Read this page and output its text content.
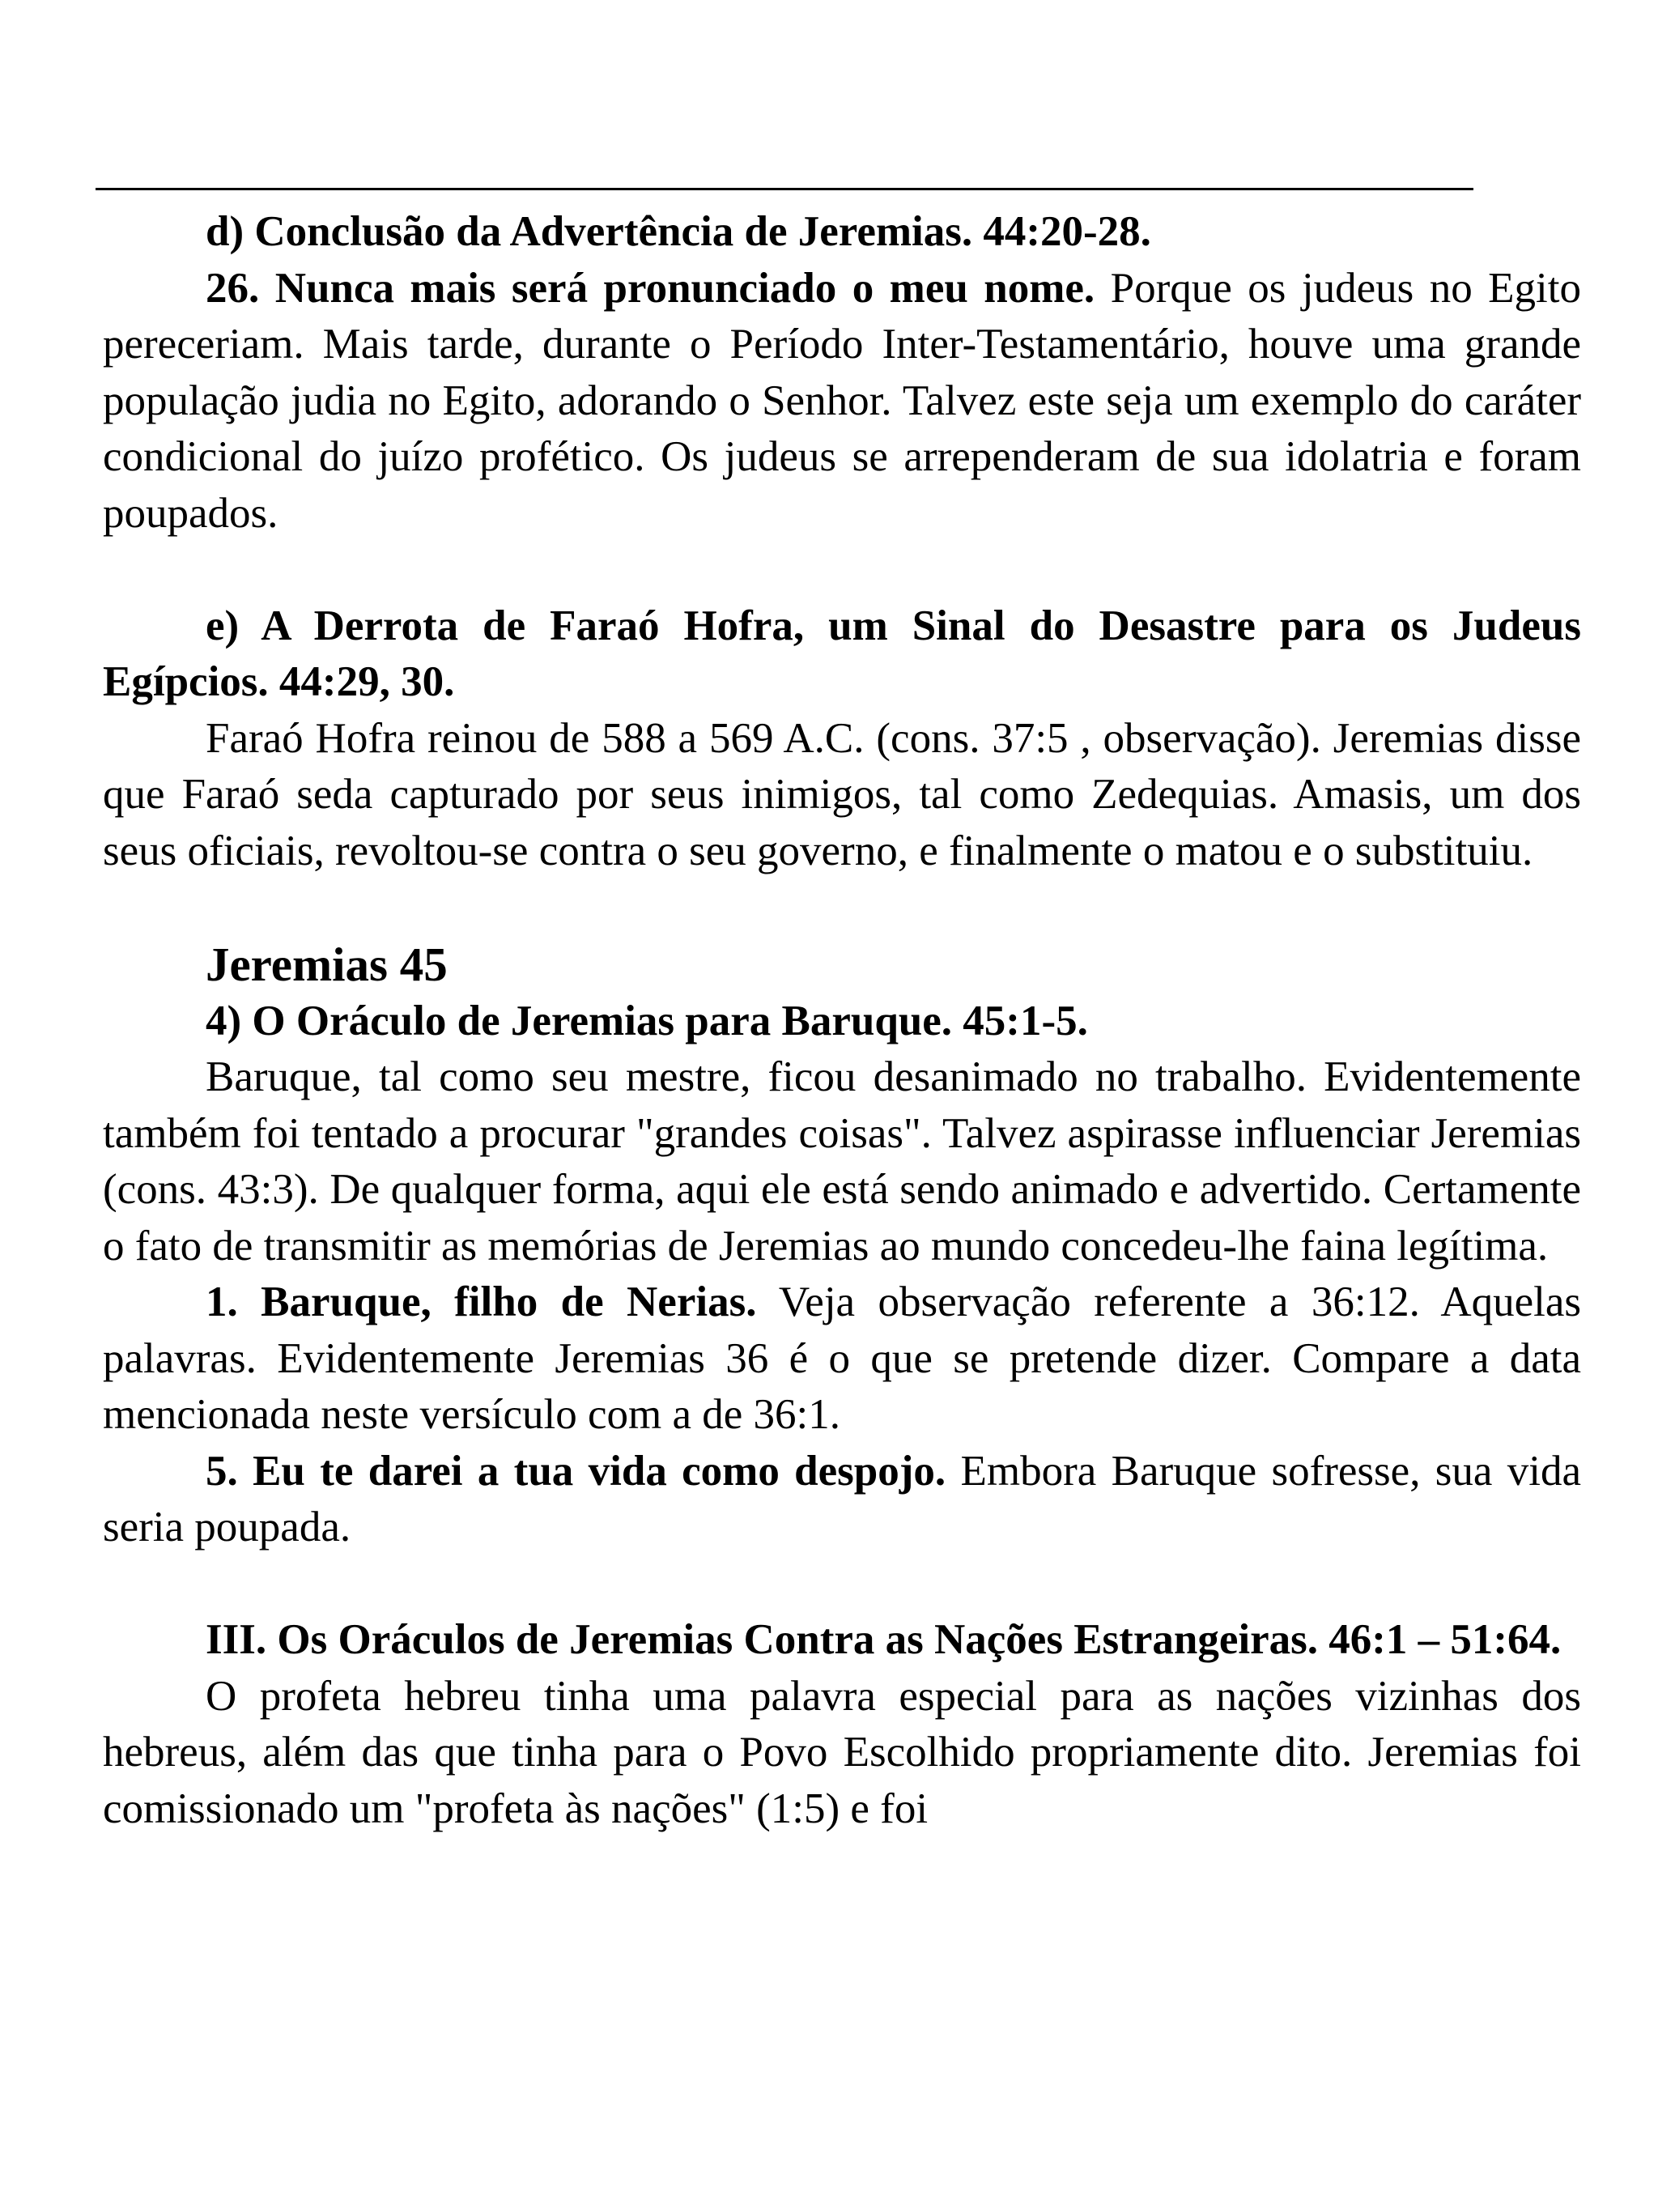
d) Conclusão da Advertência de Jeremias. 44:20-28.

26. Nunca mais será pronunciado o meu nome. Porque os judeus no Egito pereceriam. Mais tarde, durante o Período Inter-Testamentário, houve uma grande população judia no Egito, adorando o Senhor. Talvez este seja um exemplo do caráter condicional do juízo profético. Os judeus se arrependeram de sua idolatria e foram poupados.

e) A Derrota de Faraó Hofra, um Sinal do Desastre para os Judeus Egípcios. 44:29, 30.

Faraó Hofra reinou de 588 a 569 A.C. (cons. 37:5 , observação). Jeremias disse que Faraó seda capturado por seus inimigos, tal como Zedequias. Amasis, um dos seus oficiais, revoltou-se contra o seu governo, e finalmente o matou e o substituiu.

Jeremias 45

4) O Oráculo de Jeremias para Baruque. 45:1-5.

Baruque, tal como seu mestre, ficou desanimado no trabalho. Evidentemente também foi tentado a procurar "grandes coisas". Talvez aspirasse influenciar Jeremias (cons. 43:3). De qualquer forma, aqui ele está sendo animado e advertido. Certamente o fato de transmitir as memórias de Jeremias ao mundo concedeu-lhe faina legítima.

1. Baruque, filho de Nerias. Veja observação referente a 36:12. Aquelas palavras. Evidentemente Jeremias 36 é o que se pretende dizer. Compare a data mencionada neste versículo com a de 36:1.

5. Eu te darei a tua vida como despojo. Embora Baruque sofresse, sua vida seria poupada.

III. Os Oráculos de Jeremias Contra as Nações Estrangeiras. 46:1 – 51:64.

O profeta hebreu tinha uma palavra especial para as nações vizinhas dos hebreus, além das que tinha para o Povo Escolhido propriamente dito. Jeremias foi comissionado um "profeta às nações" (1:5) e foi
